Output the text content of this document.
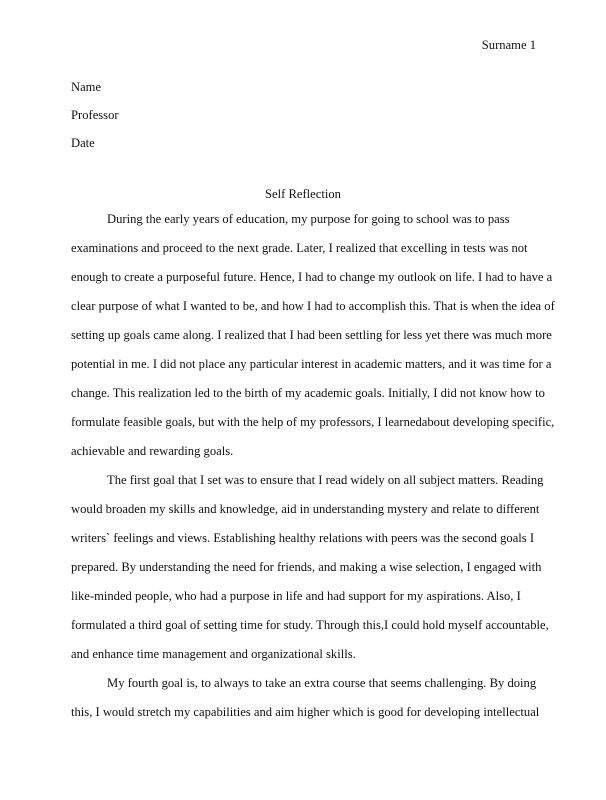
Surname 1
Name
Professor
Date
Self Reflection
During the early years of education, my purpose for going to school was to pass
examinations and proceed to the next grade. Later, I realized that excelling in tests was not
enough to create a purposeful future. Hence, I had to change my outlook on life. I had to have a
clear purpose of what I wanted to be, and how I had to accomplish this. That is when the idea of
setting up goals came along. I realized that I had been settling for less yet there was much more
potential in me. I did not place any particular interest in academic matters, and it was time for a
change. This realization led to the birth of my academic goals. Initially, I did not know how to
formulate feasible goals, but with the help of my professors, I learnedabout developing specific,
achievable and rewarding goals.
The first goal that I set was to ensure that I read widely on all subject matters. Reading
would broaden my skills and knowledge, aid in understanding mystery and relate to different
writers` feelings and views. Establishing healthy relations with peers was the second goals I
prepared. By understanding the need for friends, and making a wise selection, I engaged with
like-minded people, who had a purpose in life and had support for my aspirations. Also, I
formulated a third goal of setting time for study. Through this,I could hold myself accountable,
and enhance time management and organizational skills.
My fourth goal is, to always to take an extra course that seems challenging. By doing
this, I would stretch my capabilities and aim higher which is good for developing intellectual
